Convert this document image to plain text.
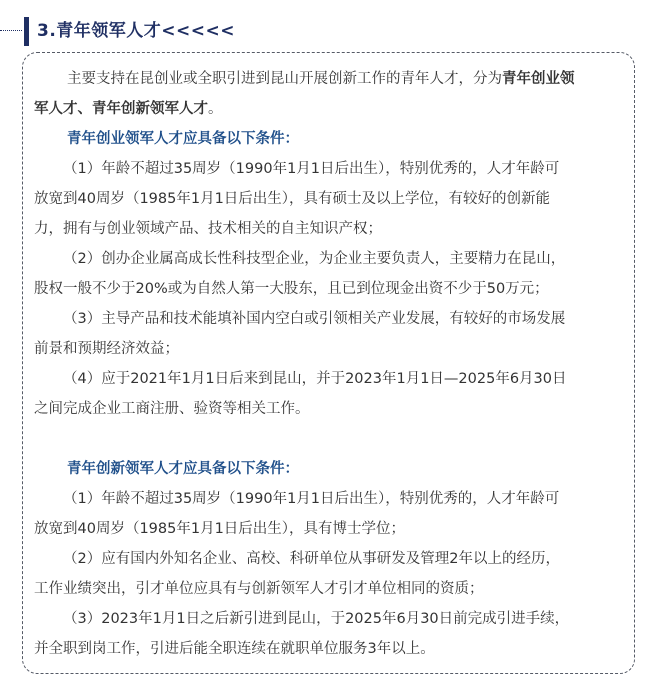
3.青年领军人才<<<<<

主要支持在昆创业或全职引进到昆山开展创新工作的青年人才，分为青年创业领

军人才、青年创新领军人才。

青年创业领军人才应具备以下条件：

（1）年龄不超过35周岁（1990年1月1日后出生），特别优秀的，人才年龄可

放宽到40周岁（1985年1月1日后出生），具有硕士及以上学位，有较好的创新能

力，拥有与创业领域产品、技术相关的自主知识产权；

（2）创办企业属高成长性科技型企业，为企业主要负责人，主要精力在昆山，

股权一般不少于20%或为自然人第一大股东，且已到位现金出资不少于50万元；

（3）主导产品和技术能填补国内空白或引领相关产业发展，有较好的市场发展

前景和预期经济效益；

（4）应于2021年1月1日后来到昆山，并于2023年1月1日—2025年6月30日

之间完成企业工商注册、验资等相关工作。

青年创新领军人才应具备以下条件：

（1）年龄不超过35周岁（1990年1月1日后出生），特别优秀的，人才年龄可

放宽到40周岁（1985年1月1日后出生），具有博士学位；

（2）应有国内外知名企业、高校、科研单位从事研发及管理2年以上的经历，

工作业绩突出，引才单位应具有与创新领军人才引才单位相同的资质；

（3）2023年1月1日之后新引进到昆山，于2025年6月30日前完成引进手续，

并全职到岗工作，引进后能全职连续在就职单位服务3年以上。
